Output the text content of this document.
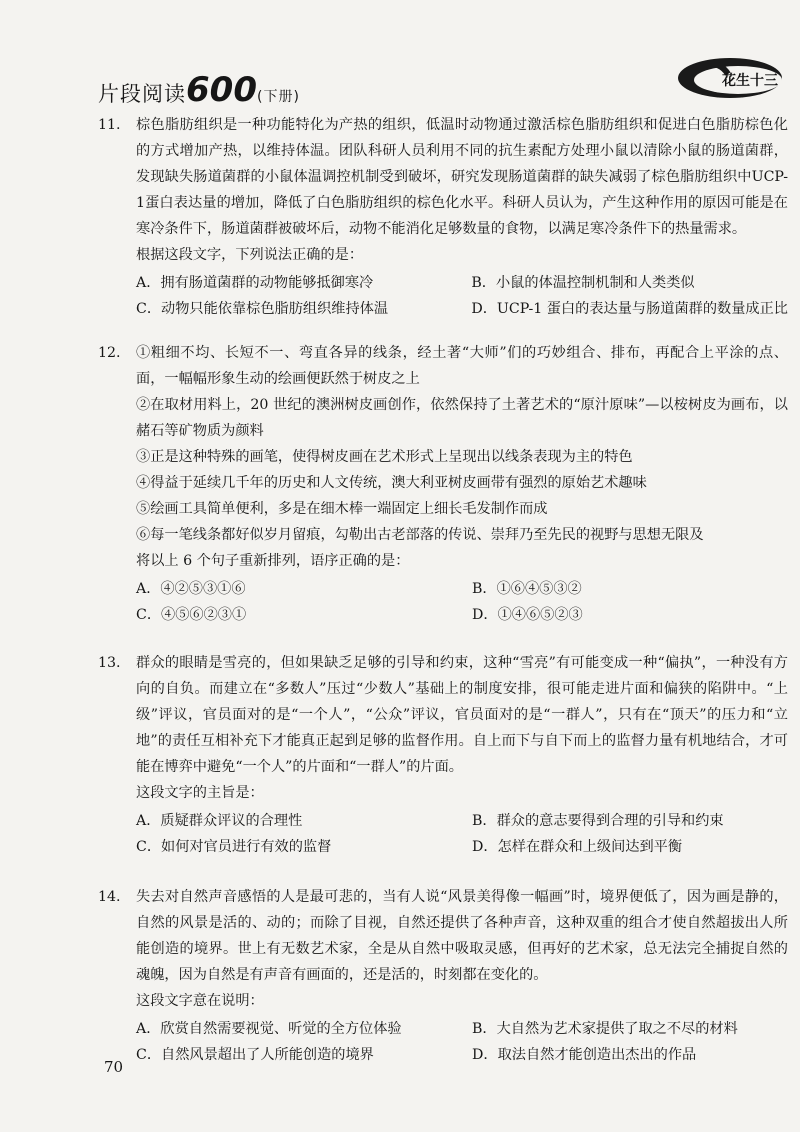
片段阅读600(下册)
花生十三
11. 棕色脂肪组织是一种功能特化为产热的组织，低温时动物通过激活棕色脂肪组织和促进白色脂肪棕色化的方式增加产热，以维持体温。团队科研人员利用不同的抗生素配方处理小鼠以清除小鼠的肠道菌群，发现缺失肠道菌群的小鼠体温调控机制受到破坏，研究发现肠道菌群的缺失减弱了棕色脂肪组织中UCP-1蛋白表达量的增加，降低了白色脂肪组织的棕色化水平。科研人员认为，产生这种作用的原因可能是在寒冷条件下，肠道菌群被破坏后，动物不能消化足够数量的食物，以满足寒冷条件下的热量需求。

根据这段文字，下列说法正确的是：

A．拥有肠道菌群的动物能够抵御寒冷	B．小鼠的体温控制机制和人类类似
C．动物只能依靠棕色脂肪组织维持体温	D．UCP-1 蛋白的表达量与肠道菌群的数量成正比
12. ①粗细不均、长短不一、弯直各异的线条，经土著“大师”们的巧妙组合、排布，再配合上平涂的点、面，一幅幅形象生动的绘画便跃然于树皮之上

②在取材用料上，20 世纪的澳洲树皮画创作，依然保持了土著艺术的“原汁原味”—以桉树皮为画布，以赭石等矿物质为颜料

③正是这种特殊的画笔，使得树皮画在艺术形式上呈现出以线条表现为主的特色

④得益于延续几千年的历史和人文传统，澳大利亚树皮画带有强烈的原始艺术趣味

⑤绘画工具简单便利，多是在细木棒一端固定上细长毛发制作而成

⑥每一笔线条都好似岁月留痕，勾勒出古老部落的传说、崇拜乃至先民的视野与思想无限及

将以上 6 个句子重新排列，语序正确的是：

A．④②⑤③①⑥	B．①⑥④⑤③②
C．④⑤⑥②③①	D．①④⑥⑤②③
13. 群众的眼睛是雪亮的，但如果缺乏足够的引导和约束，这种“雪亮”有可能变成一种“偏执”，一种没有方向的自负。而建立在“多数人”压过“少数人”基础上的制度安排，很可能走进片面和偏狭的陷阱中。“上级”评议，官员面对的是“一个人”，“公众”评议，官员面对的是“一群人”，只有在“顶天”的压力和“立地”的责任互相补充下才能真正起到足够的监督作用。自上而下与自下而上的监督力量有机地结合，才可能在博弈中避免“一个人”的片面和“一群人”的片面。

这段文字的主旨是：

A．质疑群众评议的合理性	B．群众的意志要得到合理的引导和约束
C．如何对官员进行有效的监督	D．怎样在群众和上级间达到平衡
14. 失去对自然声音感悟的人是最可悲的，当有人说“风景美得像一幅画”时，境界便低了，因为画是静的，自然的风景是活的、动的；而除了目视，自然还提供了各种声音，这种双重的组合才使自然超拔出人所能创造的境界。世上有无数艺术家，全是从自然中吸取灵感，但再好的艺术家，总无法完全捕捉自然的魂魄，因为自然是有声音有画面的，还是活的，时刻都在变化的。

这段文字意在说明：

A．欣赏自然需要视觉、听觉的全方位体验	B．大自然为艺术家提供了取之不尽的材料
C．自然风景超出了人所能创造的境界	D．取法自然才能创造出杰出的作品
70
